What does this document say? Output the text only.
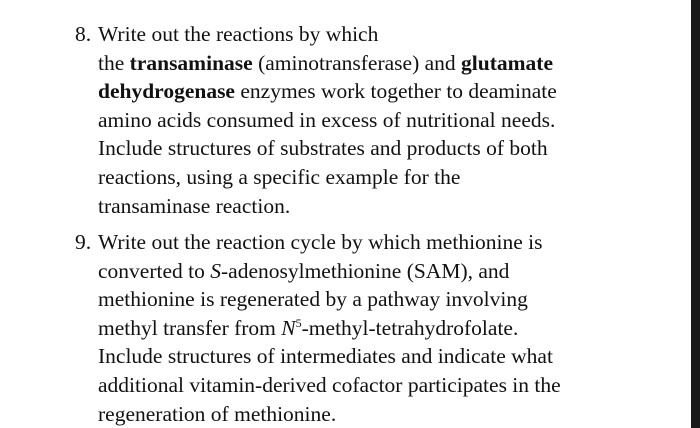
8. Write out the reactions by which
the transaminase (aminotransferase) and glutamate
dehydrogenase enzymes work together to deaminate
amino acids consumed in excess of nutritional needs.
Include structures of substrates and products of both
reactions, using a specific example for the
transaminase reaction.
9. Write out the reaction cycle by which methionine is
converted to S-adenosylmethionine (SAM), and
methionine is regenerated by a pathway involving
methyl transfer from $N^5-methyl$-tetrahydrofolate.
Include structures of intermediates and indicate what
additional vitamin-derived cofactor participates in the
regeneration of methionine.
